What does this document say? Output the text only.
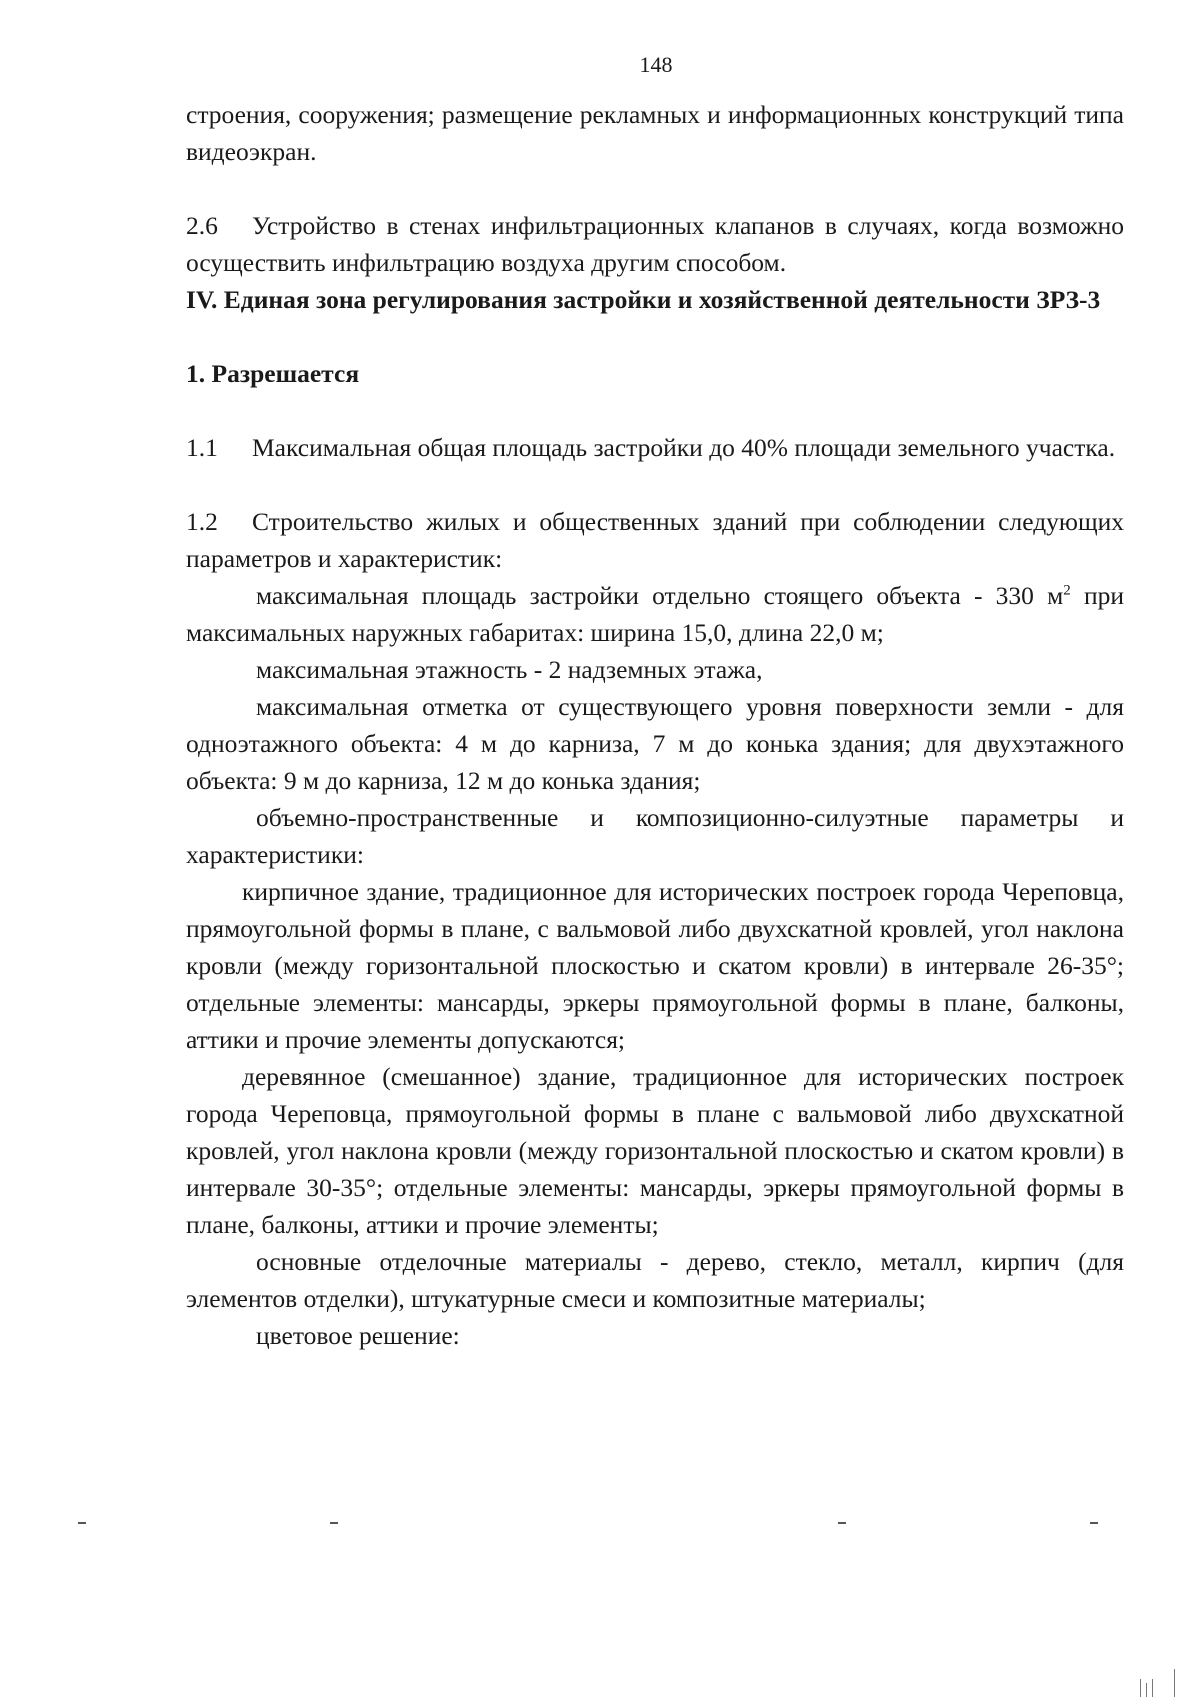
148

строения, сооружения; размещение рекламных и информационных конструкций типа видеоэкран.

2.6 Устройство в стенах инфильтрационных клапанов в случаях, когда возможно осуществить инфильтрацию воздуха другим способом.

IV. Единая зона регулирования застройки и хозяйственной деятельности ЗРЗ-3

1. Разрешается

1.1 Максимальная общая площадь застройки до 40% площади земельного участка.

1.2 Строительство жилых и общественных зданий при соблюдении следующих параметров и характеристик:

максимальная площадь застройки отдельно стоящего объекта - 330 $м^2$ при максимальных наружных габаритах: ширина 15,0, длина 22,0 м;

максимальная этажность - 2 надземных этажа,

максимальная отметка от существующего уровня поверхности земли - для одноэтажного объекта: 4 м до карниза, 7 м до конька здания; для двухэтажного объекта: 9 м до карниза, 12 м до конька здания;

объемно-пространственные и композиционно-силуэтные параметры и характеристики:

кирпичное здание, традиционное для исторических построек города Череповца, прямоугольной формы в плане, с вальмовой либо двухскатной кровлей, угол наклона кровли (между горизонтальной плоскостью и скатом кровли) в интервале 26-35°; отдельные элементы: мансарды, эркеры прямоугольной формы в плане, балконы, аттики и прочие элементы допускаются;

деревянное (смешанное) здание, традиционное для исторических построек города Череповца, прямоугольной формы в плане с вальмовой либо двухскатной кровлей, угол наклона кровли (между горизонтальной плоскостью и скатом кровли) в интервале 30-35°; отдельные элементы: мансарды, эркеры прямоугольной формы в плане, балконы, аттики и прочие элементы;

основные отделочные материалы - дерево, стекло, металл, кирпич (для элементов отделки), штукатурные смеси и композитные материалы;

цветовое решение:
